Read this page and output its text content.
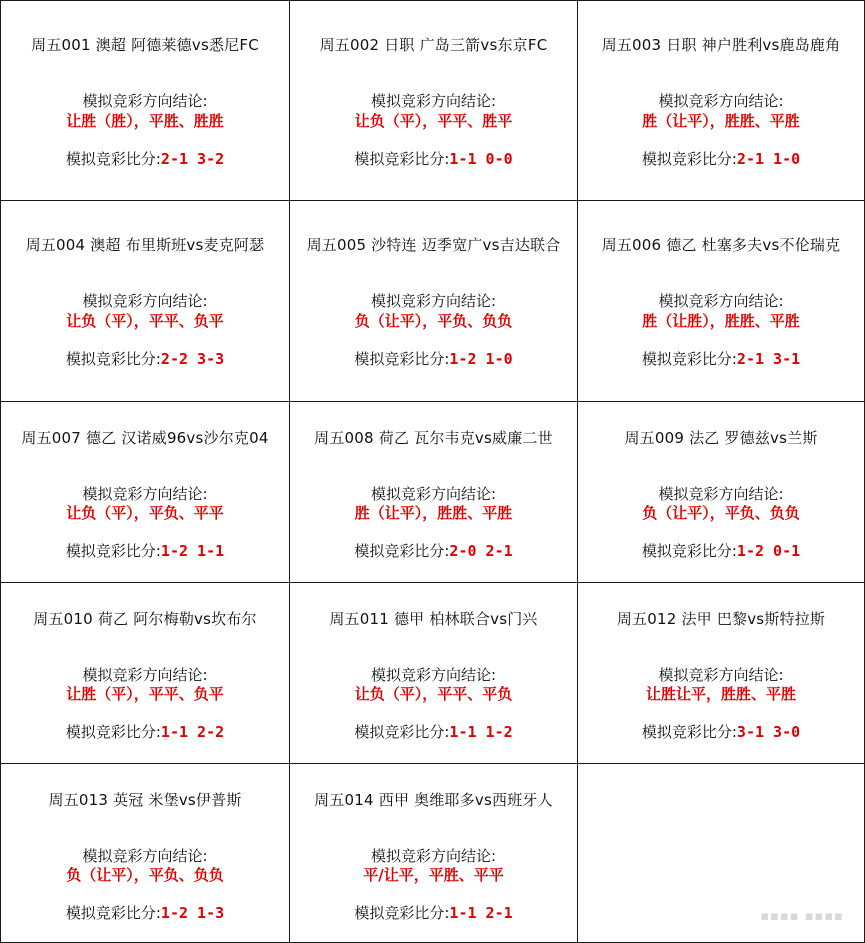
周五001 澳超 阿德莱德vs悉尼FC
模拟竞彩方向结论:
让胜（胜），平胜、胜胜
模拟竞彩比分:2-1 3-2
周五002 日职 广岛三箭vs东京FC
模拟竞彩方向结论:
让负（平），平平、胜平
模拟竞彩比分:1-1 0-0
周五003 日职 神户胜利vs鹿岛鹿角
模拟竞彩方向结论:
胜（让平），胜胜、平胜
模拟竞彩比分:2-1 1-0
周五004 澳超 布里斯班vs麦克阿瑟
模拟竞彩方向结论:
让负（平），平平、负平
模拟竞彩比分:2-2 3-3
周五005 沙特连 迈季宽广vs吉达联合
模拟竞彩方向结论:
负（让平），平负、负负
模拟竞彩比分:1-2 1-0
周五006 德乙 杜塞多夫vs不伦瑞克
模拟竞彩方向结论:
胜（让胜），胜胜、平胜
模拟竞彩比分:2-1 3-1
周五007 德乙 汉诺威96vs沙尔克04
模拟竞彩方向结论:
让负（平），平负、平平
模拟竞彩比分:1-2 1-1
周五008 荷乙 瓦尔韦克vs威廉二世
模拟竞彩方向结论:
胜（让平），胜胜、平胜
模拟竞彩比分:2-0 2-1
周五009 法乙 罗德兹vs兰斯
模拟竞彩方向结论:
负（让平），平负、负负
模拟竞彩比分:1-2 0-1
周五010 荷乙 阿尔梅勒vs坎布尔
模拟竞彩方向结论:
让胜（平），平平、负平
模拟竞彩比分:1-1 2-2
周五011 德甲 柏林联合vs门兴
模拟竞彩方向结论:
让负（平），平平、平负
模拟竞彩比分:1-1 1-2
周五012 法甲 巴黎vs斯特拉斯
模拟竞彩方向结论:
让胜让平，胜胜、平胜
模拟竞彩比分:3-1 3-0
周五013 英冠 米堡vs伊普斯
模拟竞彩方向结论:
负（让平），平负、负负
模拟竞彩比分:1-2 1-3
周五014 西甲 奥维耶多vs西班牙人
模拟竞彩方向结论:
平/让平，平胜、平平
模拟竞彩比分:1-1 2-1	▪▪▪▪ ▪▪▪▪
